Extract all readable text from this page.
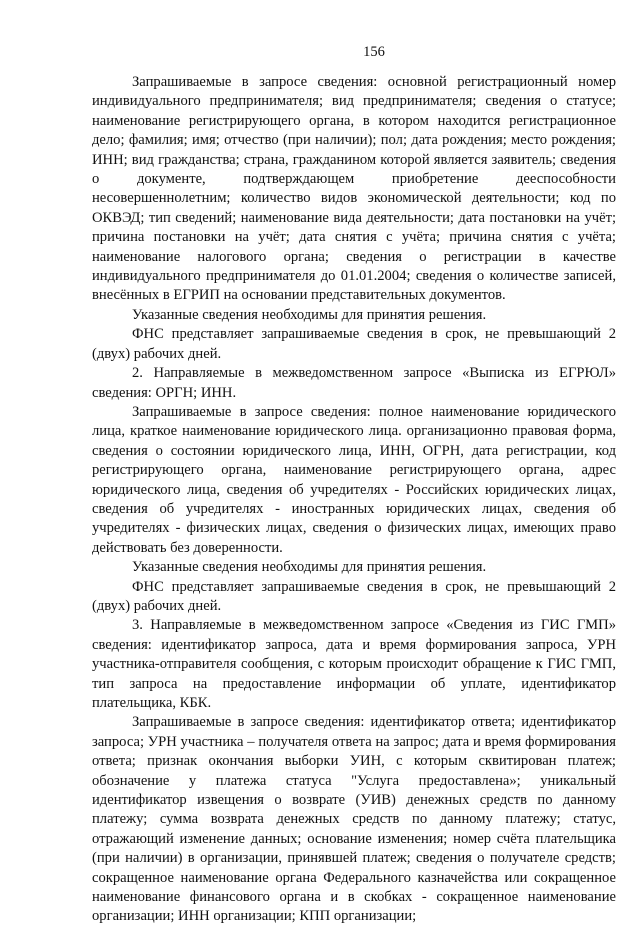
156

Запрашиваемые в запросе сведения: основной регистрационный номер индивидуального предпринимателя; вид предпринимателя; сведения о статусе; наименование регистрирующего органа, в котором находится регистрационное дело; фамилия; имя; отчество (при наличии); пол; дата рождения; место рождения; ИНН; вид гражданства; страна, гражданином которой является заявитель; сведения о документе, подтверждающем приобретение дееспособности несовершеннолетним; количество видов экономической деятельности; код по ОКВЭД; тип сведений; наименование вида деятельности; дата постановки на учёт; причина постановки на учёт; дата снятия с учёта; причина снятия с учёта; наименование налогового органа; сведения о регистрации в качестве индивидуального предпринимателя до 01.01.2004; сведения о количестве записей, внесённых в ЕГРИП на основании представительных документов.

Указанные сведения необходимы для принятия решения.

ФНС представляет запрашиваемые сведения в срок, не превышающий 2 (двух) рабочих дней.

2. Направляемые в межведомственном запросе «Выписка из ЕГРЮЛ» сведения: ОРГН; ИНН.

Запрашиваемые в запросе сведения: полное наименование юридического лица, краткое наименование юридического лица. организационно правовая форма, сведения о состоянии юридического лица, ИНН, ОГРН, дата регистрации, код регистрирующего органа, наименование регистрирующего органа, адрес юридического лица, сведения об учредителях - Российских юридических лицах, сведения об учредителях - иностранных юридических лицах, сведения об учредителях - физических лицах, сведения о физических лицах, имеющих право действовать без доверенности.

Указанные сведения необходимы для принятия решения.

ФНС представляет запрашиваемые сведения в срок, не превышающий 2 (двух) рабочих дней.

3. Направляемые в межведомственном запросе «Сведения из ГИС ГМП» сведения: идентификатор запроса, дата и время формирования запроса, УРН участника-отправителя сообщения, с которым происходит обращение к ГИС ГМП, тип запроса на предоставление информации об уплате, идентификатор плательщика, КБК.

Запрашиваемые в запросе сведения: идентификатор ответа; идентификатор запроса; УРН участника – получателя ответа на запрос; дата и время формирования ответа; признак окончания выборки УИН, с которым сквитирован платеж; обозначение у платежа статуса "Услуга предоставлена»; уникальный идентификатор извещения о возврате (УИВ) денежных средств по данному платежу; сумма возврата денежных средств по данному платежу; статус, отражающий изменение данных; основание изменения; номер счёта плательщика (при наличии) в организации, принявшей платеж; сведения о получателе средств; сокращенное наименование органа Федерального казначейства или сокращенное наименование финансового органа и в скобках - сокращенное наименование организации; ИНН организации; КПП организации;
